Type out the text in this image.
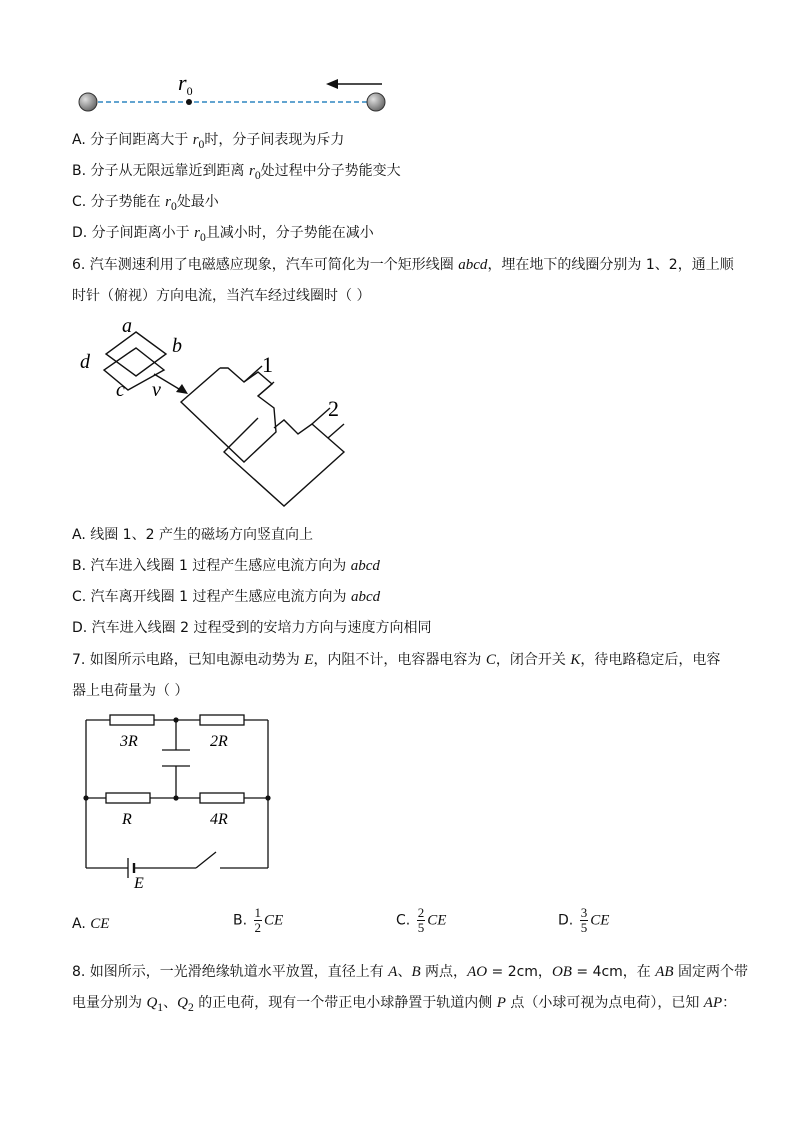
$r_0$
A. 分子间距离大于 $r_0$时，分子间表现为斥力
B. 分子从无限远靠近到距离 $r_0$处过程中分子势能变大
C. 分子势能在 $r_0$处最小
D. 分子间距离小于 $r_0$且减小时，分子势能在减小
6. 汽车测速利用了电磁感应现象，汽车可简化为一个矩形线圈 abcd，埋在地下的线圈分别为 1、2，通上顺
时针（俯视）方向电流，当汽车经过线圈时（ ）
a
b
c
d
v
1
2
A. 线圈 1、2 产生的磁场方向竖直向上
B. 汽车进入线圈 1 过程产生感应电流方向为 abcd
C. 汽车离开线圈 1 过程产生感应电流方向为 abcd
D. 汽车进入线圈 2 过程受到的安培力方向与速度方向相同
7. 如图所示电路，已知电源电动势为 E，内阻不计，电容器电容为 C，闭合开关 K，待电路稳定后，电容
器上电荷量为（ ）
3R	2R
R	4R
E
A. CE	B. $\frac{1}{2}$ CE	C. $\frac{2}{5}$ CE	D. $\frac{3}{5}$ CE
8. 如图所示，一光滑绝缘轨道水平放置，直径上有 A、B 两点，AO = 2cm，OB = 4cm，在 AB 固定两个带
电量分别为 $Q_1$、$Q_2$ 的正电荷，现有一个带正电小球静置于轨道内侧 P 点（小球可视为点电荷），已知 AP：
